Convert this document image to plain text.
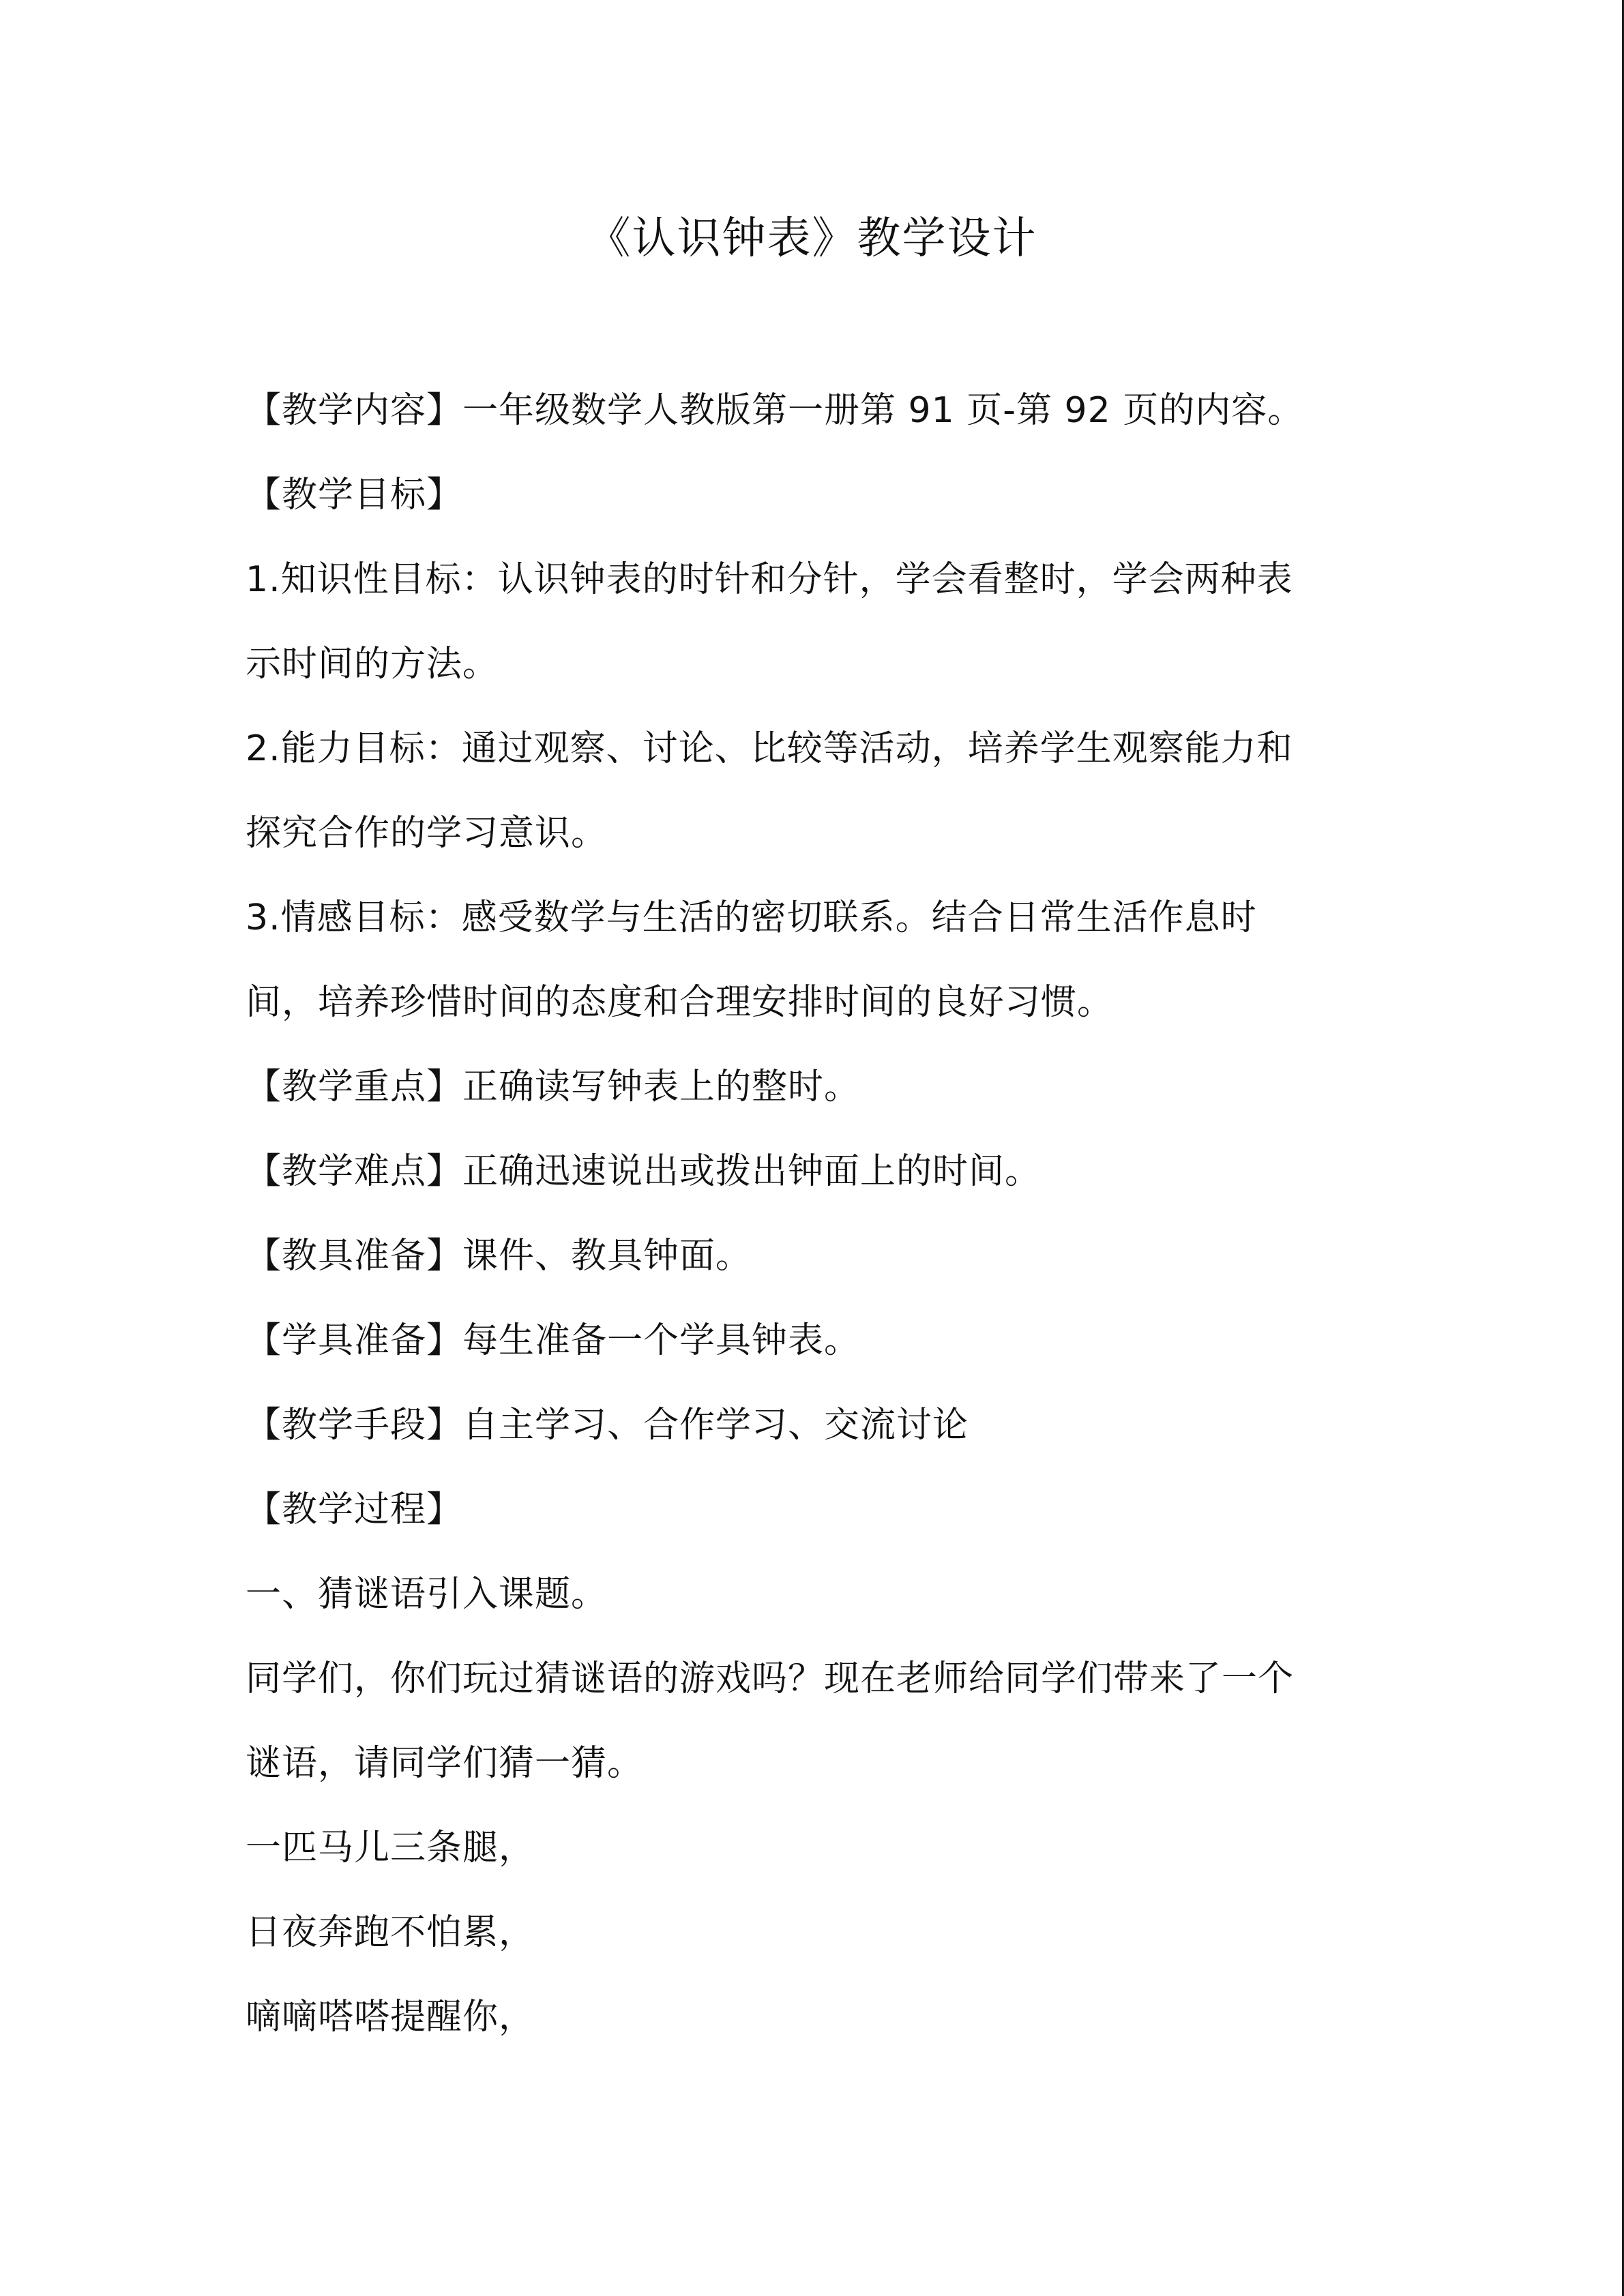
《认识钟表》教学设计
【教学内容】一年级数学人教版第一册第 91 页-第 92 页的内容。
【教学目标】
1.知识性目标：认识钟表的时针和分针，学会看整时，学会两种表
示时间的方法。
2.能力目标：通过观察、讨论、比较等活动，培养学生观察能力和
探究合作的学习意识。
3.情感目标：感受数学与生活的密切联系。结合日常生活作息时
间，培养珍惜时间的态度和合理安排时间的良好习惯。
【教学重点】正确读写钟表上的整时。
【教学难点】正确迅速说出或拨出钟面上的时间。
【教具准备】课件、教具钟面。
【学具准备】每生准备一个学具钟表。
【教学手段】自主学习、合作学习、交流讨论
【教学过程】
一、猜谜语引入课题。
同学们，你们玩过猜谜语的游戏吗？现在老师给同学们带来了一个
谜语，请同学们猜一猜。
一匹马儿三条腿，
日夜奔跑不怕累，
嘀嘀嗒嗒提醒你，
